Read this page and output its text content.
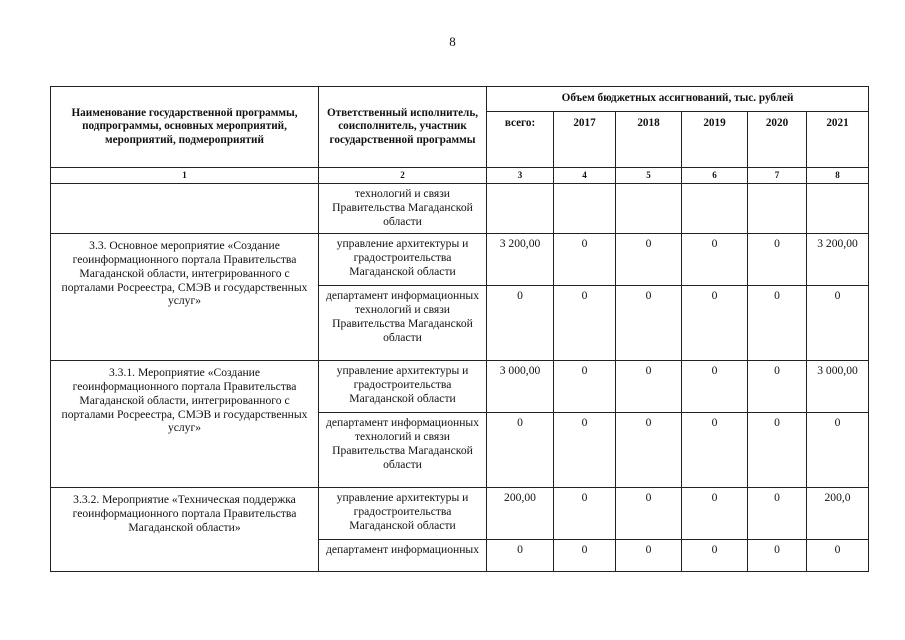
8
Наименование государственной программы, подпрограммы, основных мероприятий, мероприятий, подмероприятий	Ответственный исполнитель, соисполнитель, участник государственной программы	Объем бюджетных ассигнований, тыс. рублей					
		всего:	2017	2018	2019	2020	2021
1	2	3	4	5	6	7	8
	технологий и связи Правительства Магаданской области						
3.3. Основное мероприятие «Создание геоинформационного портала Правительства Магаданской области, интегрированного с порталами Росреестра, СМЭВ и государственных услуг»	управление архитектуры и градостроительства Магаданской области	3 200,00	0	0	0	0	3 200,00
	департамент информационных технологий и связи Правительства Магаданской области	0	0	0	0	0	0
3.3.1. Мероприятие «Создание геоинформационного портала Правительства Магаданской области, интегрированного с порталами Росреестра, СМЭВ и государственных услуг»	управление архитектуры и градостроительства Магаданской области	3 000,00	0	0	0	0	3 000,00
	департамент информационных технологий и связи Правительства Магаданской области	0	0	0	0	0	0
3.3.2. Мероприятие «Техническая поддержка геоинформационного портала Правительства Магаданской области»	управление архитектуры и градостроительства Магаданской области	200,00	0	0	0	0	200,0
	департамент информационных	0	0	0	0	0	0
